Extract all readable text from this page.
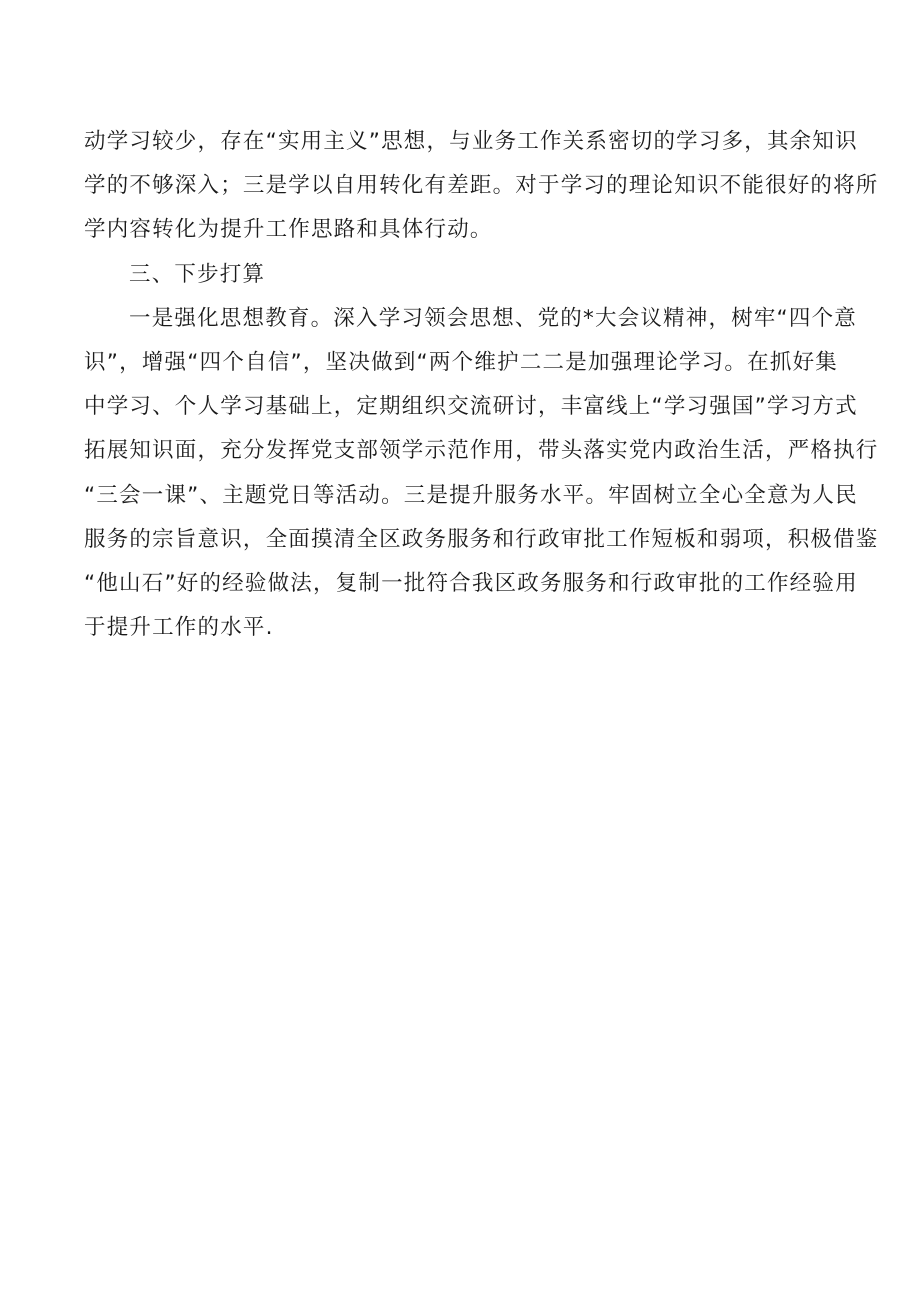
动学习较少，存在“实用主义”思想，与业务工作关系密切的学习多，其余知识
学的不够深入；三是学以自用转化有差距。对于学习的理论知识不能很好的将所
学内容转化为提升工作思路和具体行动。
三、下步打算
一是强化思想教育。深入学习领会思想、党的*大会议精神，树牢“四个意
识”，增强“四个自信”，坚决做到“两个维护二二是加强理论学习。在抓好集
中学习、个人学习基础上，定期组织交流研讨，丰富线上“学习强国”学习方式
拓展知识面，充分发挥党支部领学示范作用，带头落实党内政治生活，严格执行
“三会一课”、主题党日等活动。三是提升服务水平。牢固树立全心全意为人民
服务的宗旨意识，全面摸清全区政务服务和行政审批工作短板和弱项，积极借鉴
“他山石”好的经验做法，复制一批符合我区政务服务和行政审批的工作经验用
于提升工作的水平.
